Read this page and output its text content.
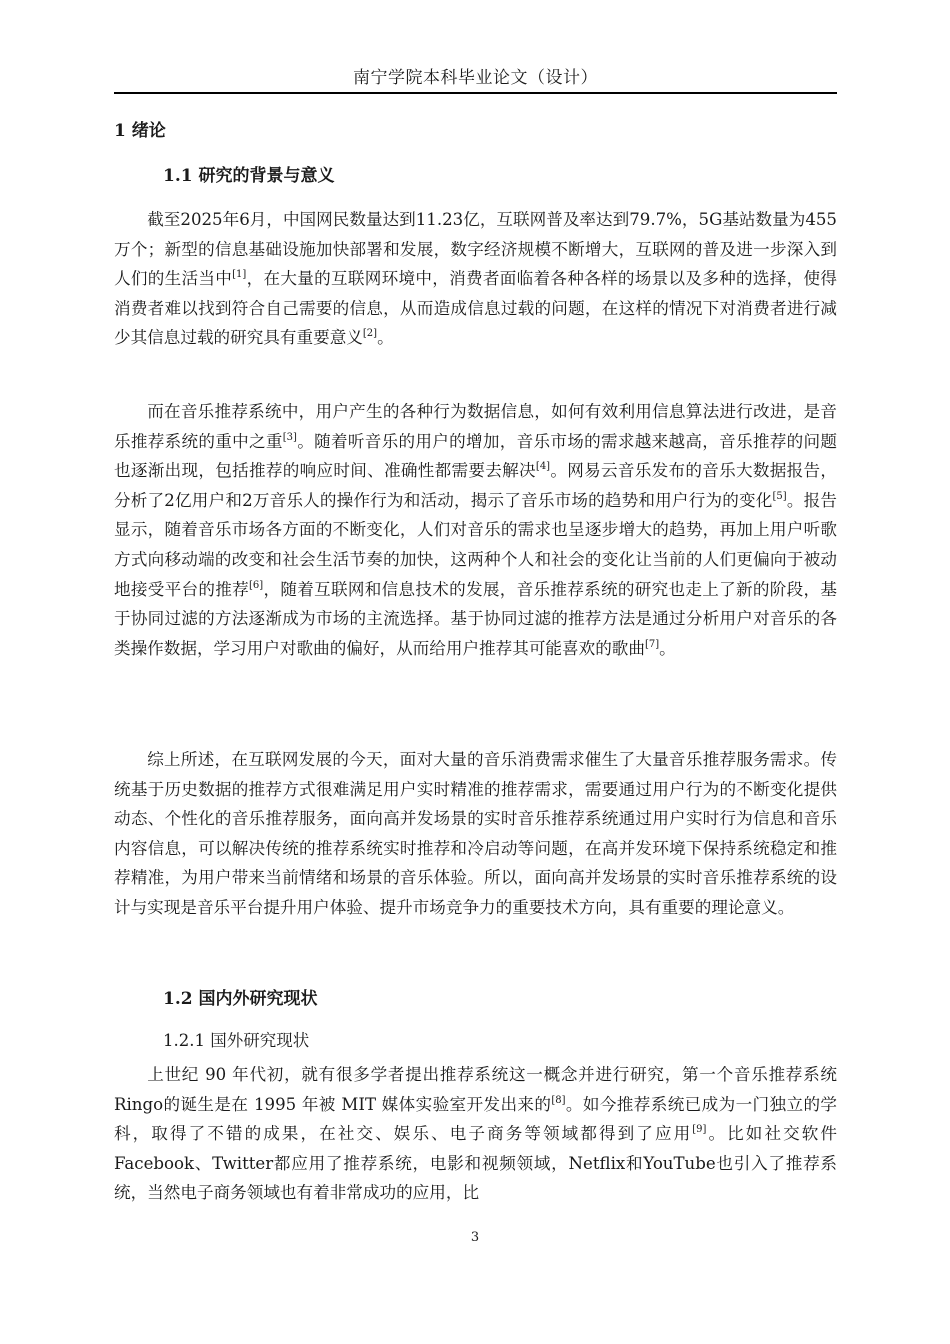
南宁学院本科毕业论文（设计）
1 绪论
1.1 研究的背景与意义
截至2025年6月，中国网民数量达到11.23亿，互联网普及率达到79.7%，5G基站数量为455万个；新型的信息基础设施加快部署和发展，数字经济规模不断增大，互联网的普及进一步深入到人们的生活当中[1]，在大量的互联网环境中，消费者面临着各种各样的场景以及多种的选择，使得消费者难以找到符合自己需要的信息，从而造成信息过载的问题，在这样的情况下对消费者进行减少其信息过载的研究具有重要意义[2]。
而在音乐推荐系统中，用户产生的各种行为数据信息，如何有效利用信息算法进行改进，是音乐推荐系统的重中之重[3]。随着听音乐的用户的增加，音乐市场的需求越来越高，音乐推荐的问题也逐渐出现，包括推荐的响应时间、准确性都需要去解决[4]。网易云音乐发布的音乐大数据报告，分析了2亿用户和2万音乐人的操作行为和活动，揭示了音乐市场的趋势和用户行为的变化[5]。报告显示，随着音乐市场各方面的不断变化，人们对音乐的需求也呈逐步增大的趋势，再加上用户听歌方式向移动端的改变和社会生活节奏的加快，这两种个人和社会的变化让当前的人们更偏向于被动地接受平台的推荐[6]，随着互联网和信息技术的发展，音乐推荐系统的研究也走上了新的阶段，基于协同过滤的方法逐渐成为市场的主流选择。基于协同过滤的推荐方法是通过分析用户对音乐的各类操作数据，学习用户对歌曲的偏好，从而给用户推荐其可能喜欢的歌曲[7]。
综上所述，在互联网发展的今天，面对大量的音乐消费需求催生了大量音乐推荐服务需求。传统基于历史数据的推荐方式很难满足用户实时精准的推荐需求，需要通过用户行为的不断变化提供动态、个性化的音乐推荐服务，面向高并发场景的实时音乐推荐系统通过用户实时行为信息和音乐内容信息，可以解决传统的推荐系统实时推荐和冷启动等问题，在高并发环境下保持系统稳定和推荐精准，为用户带来当前情绪和场景的音乐体验。所以，面向高并发场景的实时音乐推荐系统的设计与实现是音乐平台提升用户体验、提升市场竞争力的重要技术方向，具有重要的理论意义。
1.2 国内外研究现状
1.2.1 国外研究现状
上世纪 90 年代初，就有很多学者提出推荐系统这一概念并进行研究，第一个音乐推荐系统 Ringo的诞生是在 1995 年被 MIT 媒体实验室开发出来的[8]。如今推荐系统已成为一门独立的学科，取得了不错的成果，在社交、娱乐、电子商务等领域都得到了应用[9]。比如社交软件Facebook、Twitter都应用了推荐系统，电影和视频领域，Netflix和YouTube也引入了推荐系统，当然电子商务领域也有着非常成功的应用，比
3
